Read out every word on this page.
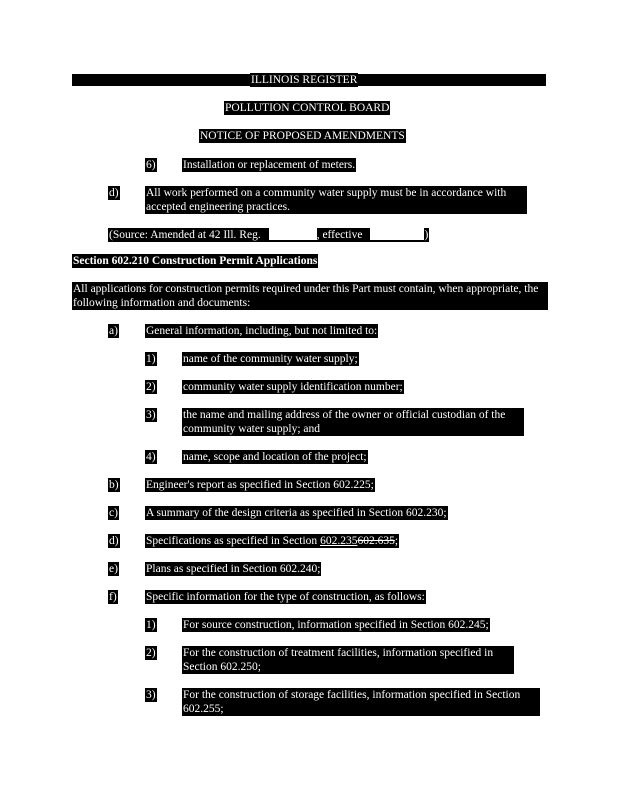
ILLINOIS REGISTER
POLLUTION CONTROL BOARD
NOTICE OF PROPOSED AMENDMENTS
6) Installation or replacement of meters.
d) All work performed on a community water supply must be in accordance with accepted engineering practices.
(Source: Amended at 42 Ill. Reg.	, effective	)
Section 602.210 Construction Permit Applications
All applications for construction permits required under this Part must contain, when appropriate, the following information and documents:
a) General information, including, but not limited to:
1) name of the community water supply;
2) community water supply identification number;
3) the name and mailing address of the owner or official custodian of the community water supply; and
4) name, scope and location of the project;
b) Engineer's report as specified in Section 602.225;
c) A summary of the design criteria as specified in Section 602.230;
d) Specifications as specified in Section 602.235602.635;
e) Plans as specified in Section 602.240;
f)	Specific information for the type of construction, as follows:
1) For source construction, information specified in Section 602.245;
2) For the construction of treatment facilities, information specified in Section 602.250;
3) For the construction of storage facilities, information specified in Section 602.255;
